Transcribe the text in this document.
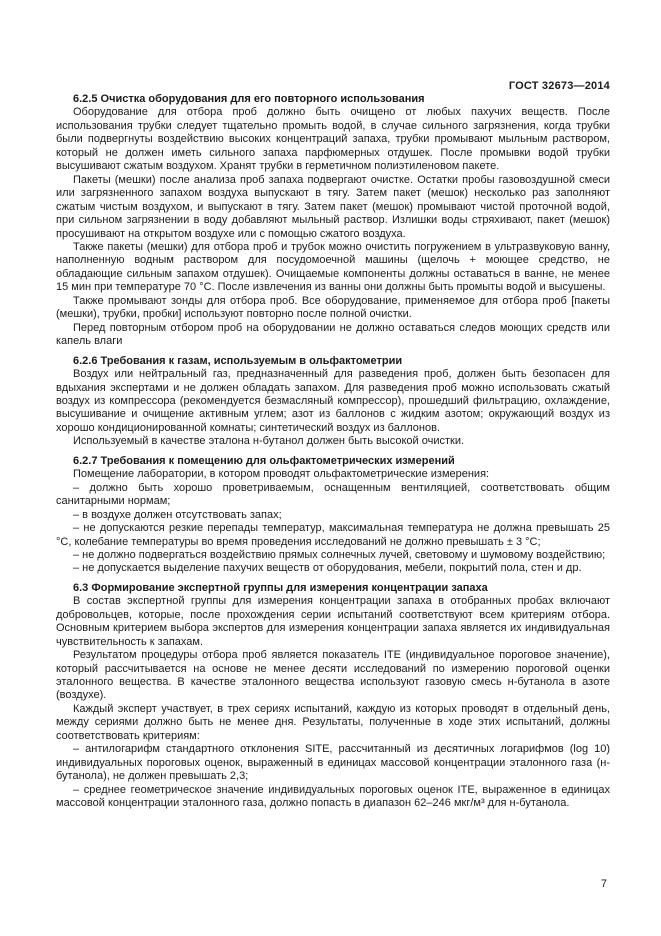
ГОСТ 32673—2014

6.2.5 Очистка оборудования для его повторного использования

Оборудование для отбора проб должно быть очищено от любых пахучих веществ. После использования трубки следует тщательно промыть водой, в случае сильного загрязнения, когда трубки были подвергнуты воздействию высоких концентраций запаха, трубки промывают мыльным раствором, который не должен иметь сильного запаха парфюмерных отдушек. После промывки водой трубки высушивают сжатым воздухом. Хранят трубки в герметичном полиэтиленовом пакете.

Пакеты (мешки) после анализа проб запаха подвергают очистке. Остатки пробы газовоздушной смеси или загрязненного запахом воздуха выпускают в тягу. Затем пакет (мешок) несколько раз заполняют сжатым чистым воздухом, и выпускают в тягу. Затем пакет (мешок) промывают чистой проточной водой, при сильном загрязнении в воду добавляют мыльный раствор. Излишки воды стряхивают, пакет (мешок) просушивают на открытом воздухе или с помощью сжатого воздуха.

Также пакеты (мешки) для отбора проб и трубок можно очистить погружением в ультразвуковую ванну, наполненную водным раствором для посудомоечной машины (щелочь + моющее средство, не обладающие сильным запахом отдушек). Очищаемые компоненты должны оставаться в ванне, не менее 15 мин при температуре 70 °С. После извлечения из ванны они должны быть промыты водой и высушены.

Также промывают зонды для отбора проб. Все оборудование, применяемое для отбора проб [пакеты (мешки), трубки, пробки] используют повторно после полной очистки.

Перед повторным отбором проб на оборудовании не должно оставаться следов моющих средств или капель влаги

6.2.6 Требования к газам, используемым в ольфактометрии

Воздух или нейтральный газ, предназначенный для разведения проб, должен быть безопасен для вдыхания экспертами и не должен обладать запахом. Для разведения проб можно использовать сжатый воздух из компрессора (рекомендуется безмасляный компрессор), прошедший фильтрацию, охлаждение, высушивание и очищение активным углем; азот из баллонов с жидким азотом; окружающий воздух из хорошо кондиционированной комнаты; синтетический воздух из баллонов.

Используемый в качестве эталона н-бутанол должен быть высокой очистки.

6.2.7 Требования к помещению для ольфактометрических измерений

Помещение лаборатории, в котором проводят ольфактометрические измерения:

– должно быть хорошо проветриваемым, оснащенным вентиляцией, соответствовать общим санитарными нормам;

– в воздухе должен отсутствовать запах;

– не допускаются резкие перепады температур, максимальная температура не должна превышать 25 °С, колебание температуры во время проведения исследований не должно превышать ± 3 °С;

– не должно подвергаться воздействию прямых солнечных лучей, световому и шумовому воздействию;

– не допускается выделение пахучих веществ от оборудования, мебели, покрытий пола, стен и др.

6.3 Формирование экспертной группы для измерения концентрации запаха

В состав экспертной группы для измерения концентрации запаха в отобранных пробах включают добровольцев, которые, после прохождения серии испытаний соответствуют всем критериям отбора. Основным критерием выбора экспертов для измерения концентрации запаха является их индивидуальная чувствительность к запахам.

Результатом процедуры отбора проб является показатель ITE (индивидуальное пороговое значение), который рассчитывается на основе не менее десяти исследований по измерению пороговой оценки эталонного вещества. В качестве эталонного вещества используют газовую смесь н-бутанола в азоте (воздухе).

Каждый эксперт участвует, в трех сериях испытаний, каждую из которых проводят в отдельный день, между сериями должно быть не менее дня. Результаты, полученные в ходе этих испытаний, должны соответствовать критериям:

– антилогарифм стандартного отклонения SITE, рассчитанный из десятичных логарифмов (log 10) индивидуальных пороговых оценок, выраженный в единицах массовой концентрации эталонного газа (н-бутанола), не должен превышать 2,3;

– среднее геометрическое значение индивидуальных пороговых оценок ITE, выраженное в единицах массовой концентрации эталонного газа, должно попасть в диапазон 62–246 мкг/м³ для н-бутанола.

7
